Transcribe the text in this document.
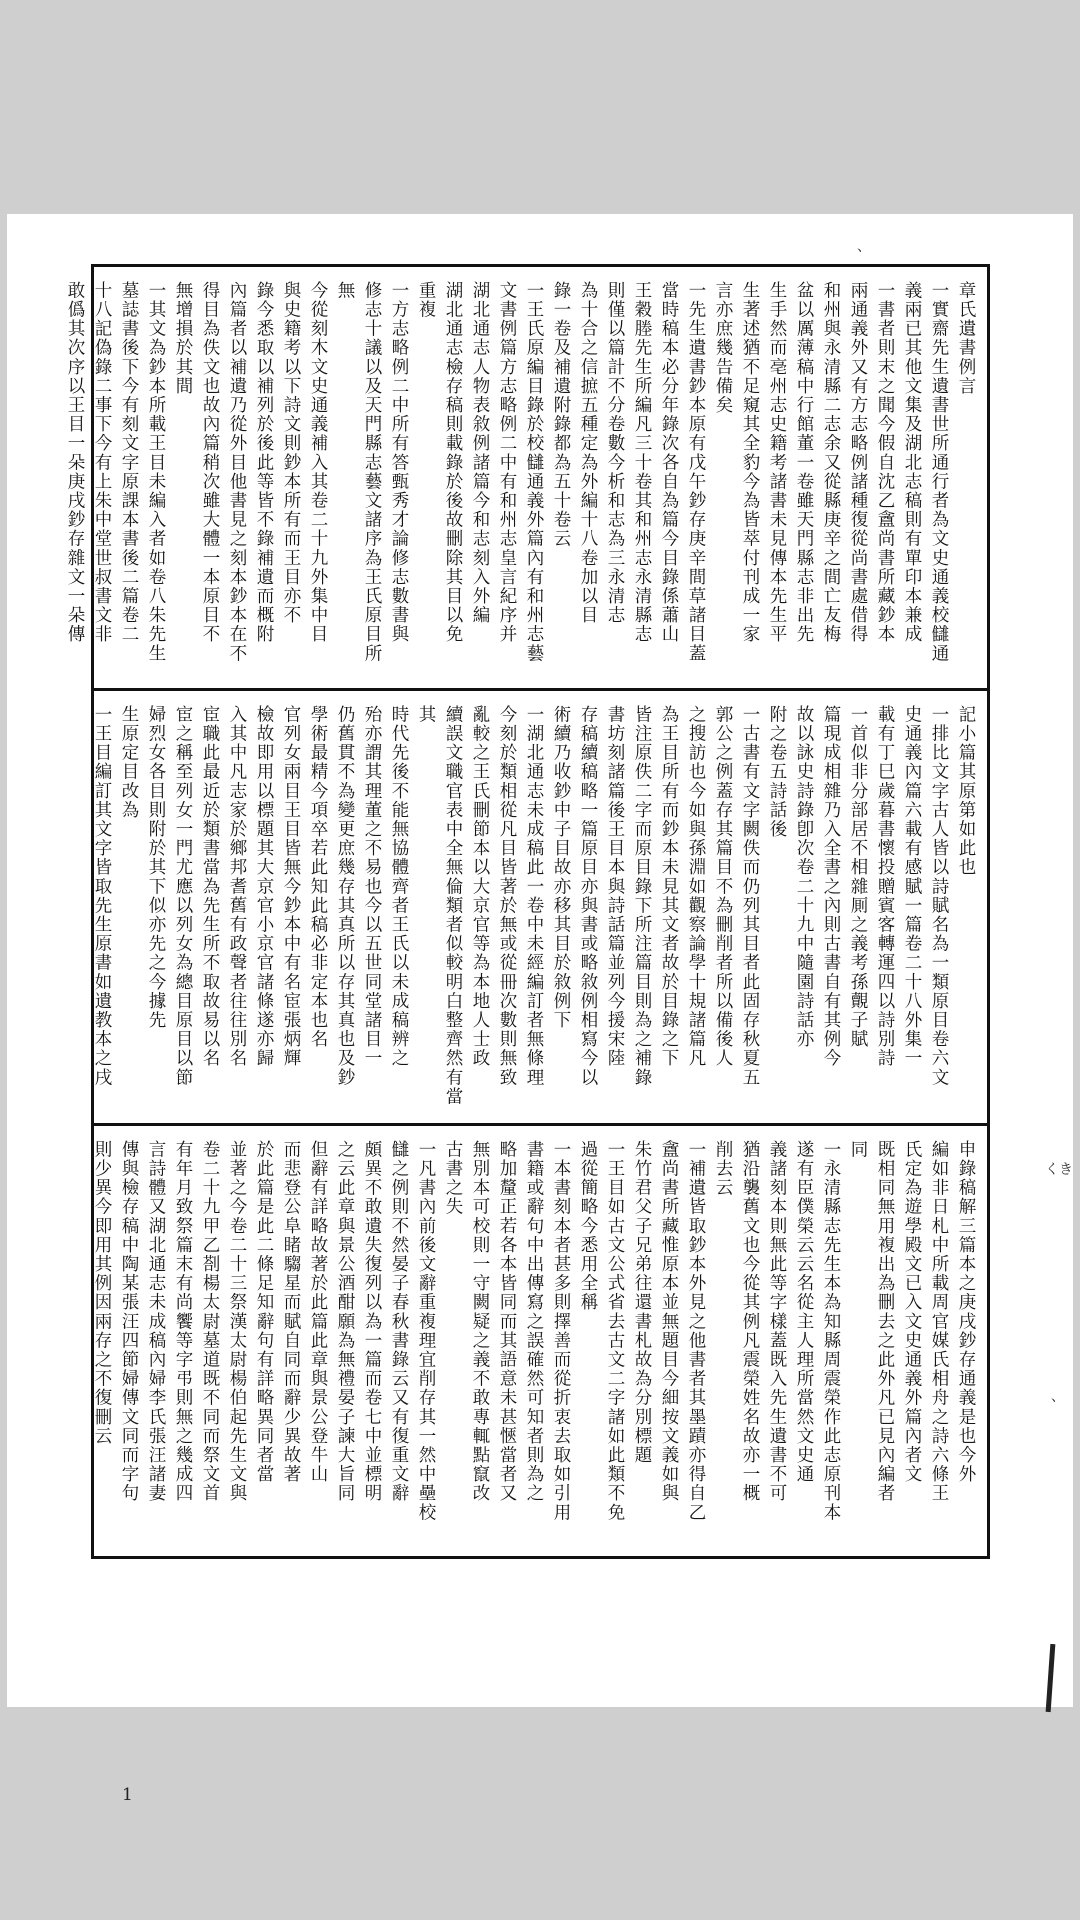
章氏遺書例言

一實齋先生遺書世所通行者為文史通義校讎通

義兩已其他文集及湖北志稿則有單印本兼成

一書者則末之聞今假自沈乙盦尚書所藏鈔本

兩通義外又有方志略例諸種復從尚書處借得

和州與永清縣二志余又從縣庚辛之間亡友梅

盆以厲薄稿中行館董一卷雖天門縣志非出先

生手然而亳州志史籍考諸書未見傳本先生平

生著述猶不足窺其全豹今為皆萃付刊成一家

言亦庶幾告備矣

一先生遺書鈔本原有戊午鈔存庚辛間草諸目蓋

當時稿本必分年錄次各自為篇今目錄係蕭山

王穀塍先生所編凡三十卷其和州志永清縣志

則僅以篇計不分卷數今析和志為三永清志

為十合之信摭五種定為外編十八卷加以目

錄一卷及補遺附錄都為五十卷云

一王氏原編目錄於校讎通義外篇內有和州志藝

文書例篇方志略例二中有和州志皇言紀序并

湖北通志人物表敘例諸篇今和志刻入外編

湖北通志檢存稿則載錄於後故刪除其目以免

重複

一方志略例二中所有答甄秀才論修志數書與

修志十議以及天門縣志藝文諸序為王氏原目所無

今從刻木文史通義補入其卷二十九外集中目

與史籍考以下詩文則鈔本所有而王目亦不

錄今悉取以補列於後此等皆不錄補遺而概附

內篇者以補遺乃從外目他書見之刻本鈔本在不

得目為佚文也故內篇稍次雖大體一本原目不

無增損於其間

一其文為鈔本所載王目未編入者如卷八朱先生

墓誌書後下今有刻文字原課本書後二篇卷二

十八記偽錄二事下今有上朱中堂世叔書文非

敢僞其次序以王目一朵庚戌鈔存雜文一朵傳

記小篇其原第如此也

一排比文字古人皆以詩賦名為一類原目卷六文

史通義內篇六載有感賦一篇卷二十八外集一

載有丁巳歲暮書懷投贈賓客轉運四以詩別詩

一首似非分部居不相雜厠之義考孫覿子賦

篇現成相雜乃入全書之內則古書自有其例今

故以詠史詩錄卽次卷二十九中隨園詩話亦

附之卷五詩話後

一古書有文字闕佚而仍列其目者此固存秋夏五

郭公之例蓋存其篇目不為刪削者所以備後人

之搜訪也今如與孫淵如觀察論學十規諸篇凡

為王目所有而鈔本未見其文者故於目錄之下

皆注原佚二字而原目錄下所注篇目則為之補錄

書坊刻諸篇後王目本與詩話篇並列今援宋陸

存稿續稿略一篇原目亦與書或略敘例相寫今以

術續乃收鈔中子目故亦移其目於敘例下

一湖北通志未成稿此一卷中未經編訂者無條理

今刻於類相從凡目皆著於無或從冊次數則無致

亂較之王氏刪節本以大京官等為本地人士政

續誤文職官表中全無倫類者似較明白整齊然有當其

時代先後不能無協體齊者王氏以未成稿辨之

殆亦謂其理董之不易也今以五世同堂諸目一

仍舊貫不為變更庶幾存其真所以存其真也及鈔

學術最精今項卒若此知此稿必非定本也名

官列女兩目王目皆無今鈔本中有名宦張炳輝

檢故即用以標題其大京官小京官諸條遂亦歸

入其中凡志家於鄉邦耆舊有政聲者往往別名

宦職此最近於類書當為先生所不取故易以名

宦之稱至列女一門尤應以列女為總目原目以節

婦烈女各目則附於其下似亦先之今據先

生原定目改為

一王目編訂其文字皆取先生原書如遺教本之戌

申錄稿解三篇本之庚戌鈔存通義是也今外

編如非日札中所載周官媒氏相舟之詩六條王

氏定為遊學殿文已入文史通義外篇內者文

既相同無用複出為刪去之此外凡已見內編者

同

一永清縣志先生本為知縣周震榮作此志原刊本

遂有臣僕榮云云名從主人理所當然文史通

義諸刻本則無此等字樣蓋既入先生遺書不可

猶沿襲舊文也今從其例凡震榮姓名故亦一概

削去云

一補遺皆取鈔本外見之他書者其墨蹟亦得自乙

盦尚書所藏惟原本並無題目今細按文義如與

朱竹君父子兄弟往還書札故為分別標題

一王目如古文公式省去古文二字諸如此類不免

過從簡略今悉用全稱

一本書刻本者甚多則擇善而從折衷去取如引用

書籍或辭句中出傳寫之誤確然可知者則為之

略加釐正若各本皆同而其語意未甚愜當者又

無別本可校則一守闕疑之義不敢專輒點竄改

古書之失

一凡書內前後文辭重複理宜削存其一然中壘校

讎之例則不然晏子春秋書錄云又有復重文辭

頗異不敢遺失復列以為一篇而卷七中並標明

之云此章與景公酒酣願為無禮晏子諫大旨同

但辭有詳略故著於此篇此章與景公登牛山

而悲登公阜睹騶星而賦自同而辭少異故著

於此篇是此二條足知辭句有詳略異同者當

並著之今卷二十三祭漢太尉楊伯起先生文與

卷二十九甲乙剳楊太尉墓道既不同而祭文首

有年月致祭篇末有尚饗等字弔則無之幾成四

言詩體又湖北通志未成稿內婦李氏張汪諸妻

傳與檢存稿中陶某張汪四節婦傳文同而字句

則少異今即用其例因兩存之不復刪云

1
、
くき
、
